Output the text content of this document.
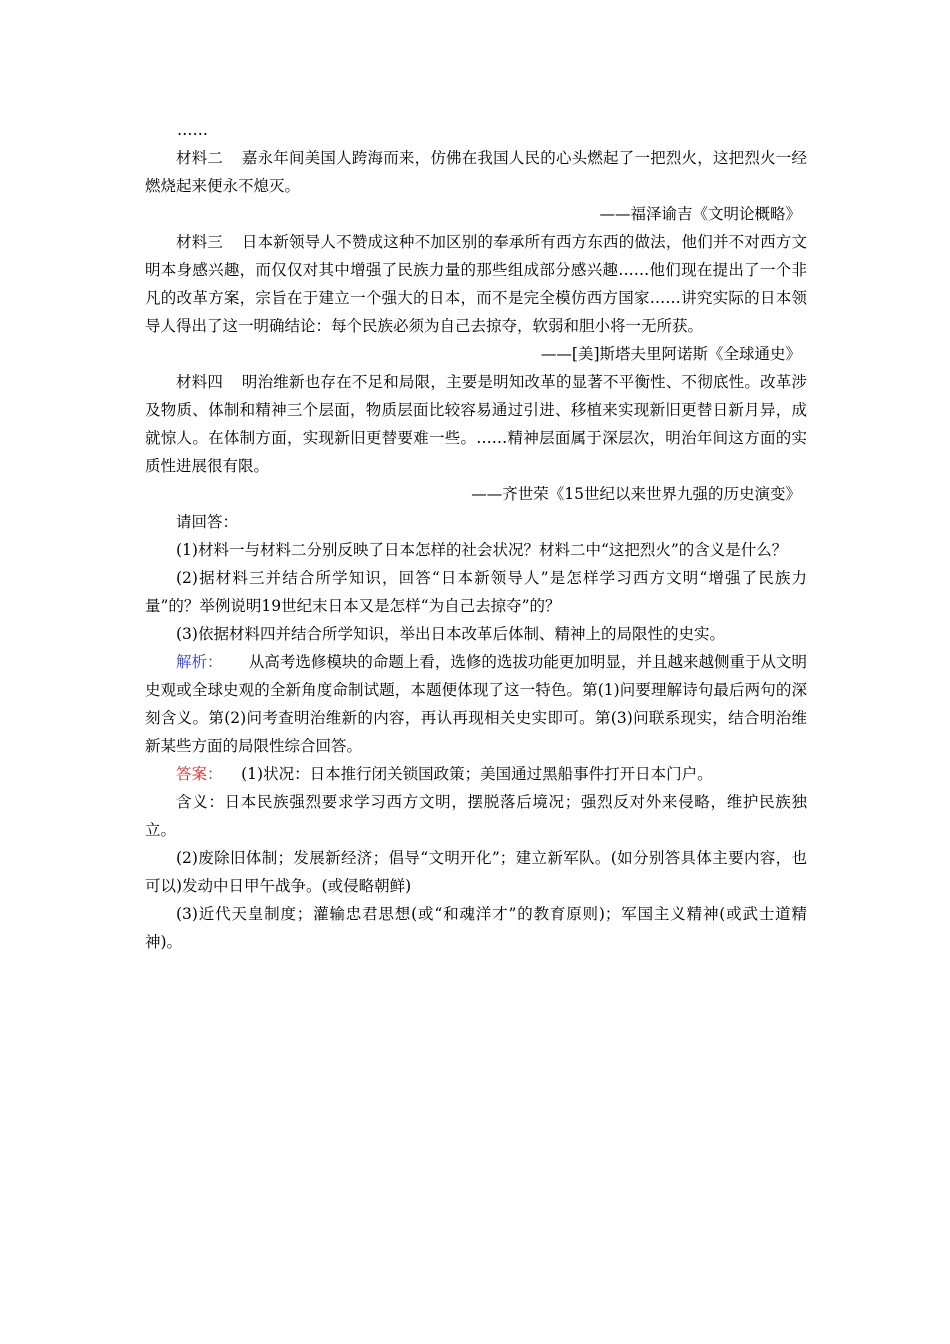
……

材料二 嘉永年间美国人跨海而来，仿佛在我国人民的心头燃起了一把烈火，这把烈火一经燃烧起来便永不熄灭。

——福泽谕吉《文明论概略》

材料三 日本新领导人不赞成这种不加区别的奉承所有西方东西的做法，他们并不对西方文明本身感兴趣，而仅仅对其中增强了民族力量的那些组成部分感兴趣……他们现在提出了一个非凡的改革方案，宗旨在于建立一个强大的日本，而不是完全模仿西方国家……讲究实际的日本领导人得出了这一明确结论：每个民族必须为自己去掠夺，软弱和胆小将一无所获。

——[美]斯塔夫里阿诺斯《全球通史》

材料四 明治维新也存在不足和局限，主要是明知改革的显著不平衡性、不彻底性。改革涉及物质、体制和精神三个层面，物质层面比较容易通过引进、移植来实现新旧更替日新月异，成就惊人。在体制方面，实现新旧更替要难一些。……精神层面属于深层次，明治年间这方面的实质性进展很有限。

——齐世荣《15世纪以来世界九强的历史演变》

请回答：

(1)材料一与材料二分别反映了日本怎样的社会状况？材料二中“这把烈火”的含义是什么？

(2)据材料三并结合所学知识，回答“日本新领导人”是怎样学习西方文明“增强了民族力量”的？举例说明19世纪末日本又是怎样“为自己去掠夺”的？

(3)依据材料四并结合所学知识，举出日本改革后体制、精神上的局限性的史实。

解析： 从高考选修模块的命题上看，选修的选拔功能更加明显，并且越来越侧重于从文明史观或全球史观的全新角度命制试题，本题便体现了这一特色。第(1)问要理解诗句最后两句的深刻含义。第(2)问考查明治维新的内容，再认再现相关史实即可。第(3)问联系现实，结合明治维新某些方面的局限性综合回答。

答案： (1)状况：日本推行闭关锁国政策；美国通过黑船事件打开日本门户。

含义：日本民族强烈要求学习西方文明，摆脱落后境况；强烈反对外来侵略，维护民族独立。

(2)废除旧体制；发展新经济；倡导“文明开化”；建立新军队。(如分别答具体主要内容，也可以)发动中日甲午战争。(或侵略朝鲜)

(3)近代天皇制度；灌输忠君思想(或“和魂洋才”的教育原则)；军国主义精神(或武士道精神)。
